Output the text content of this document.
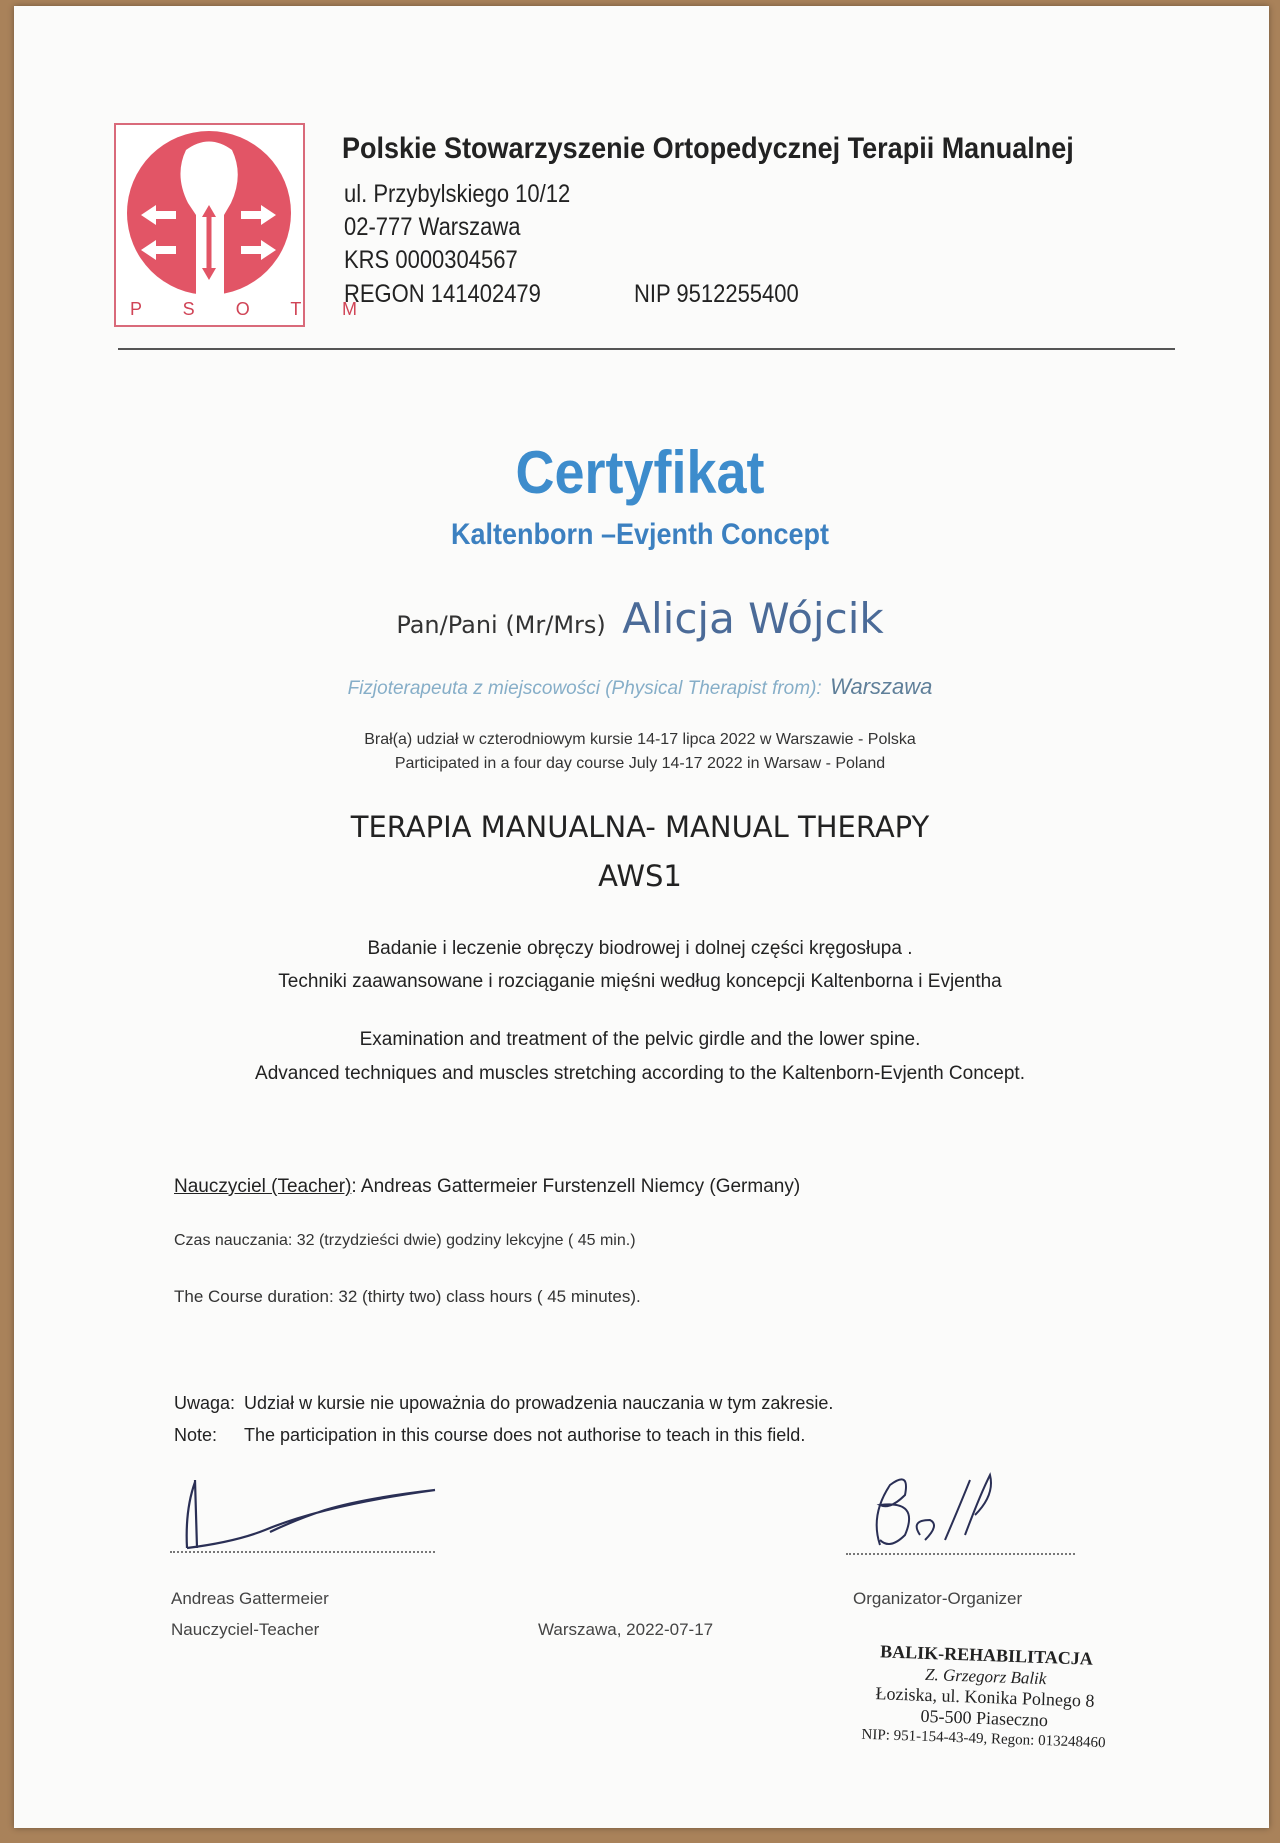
P S O T M
Polskie Stowarzyszenie Ortopedycznej Terapii Manualnej
ul. Przybylskiego 10/12
02-777 Warszawa
KRS 0000304567
REGON 141402479	NIP 9512255400
Certyfikat
Kaltenborn –Evjenth Concept
Pan/Pani (Mr/Mrs) Alicja Wójcik
Fizjoterapeuta z miejscowości (Physical Therapist from): Warszawa
Brał(a) udział w czterodniowym kursie 14-17 lipca 2022 w Warszawie - Polska
Participated in a four day course July 14-17 2022 in Warsaw - Poland
TERAPIA MANUALNA- MANUAL THERAPY
AWS1
Badanie i leczenie obręczy biodrowej i dolnej części kręgosłupa .
Techniki zaawansowane i rozciąganie mięśni według koncepcji Kaltenborna i Evjentha
Examination and treatment of the pelvic girdle and the lower spine.
Advanced techniques and muscles stretching according to the Kaltenborn-Evjenth Concept.
Nauczyciel (Teacher): Andreas Gattermeier Furstenzell Niemcy (Germany)
Czas nauczania: 32 (trzydzieści dwie) godziny lekcyjne ( 45 min.)
The Course duration: 32 (thirty two) class hours ( 45 minutes).
Uwaga: Udział w kursie nie upoważnia do prowadzenia nauczania w tym zakresie.
Note: The participation in this course does not authorise to teach in this field.
Andreas Gattermeier
Nauczyciel-Teacher	Warszawa, 2022-07-17
Organizator-Organizer
BALIK-REHABILITACJA
Z. Grzegorz Balik
Łoziska, ul. Konika Polnego 8
05-500 Piaseczno
NIP: 951-154-43-49, Regon: 013248460
